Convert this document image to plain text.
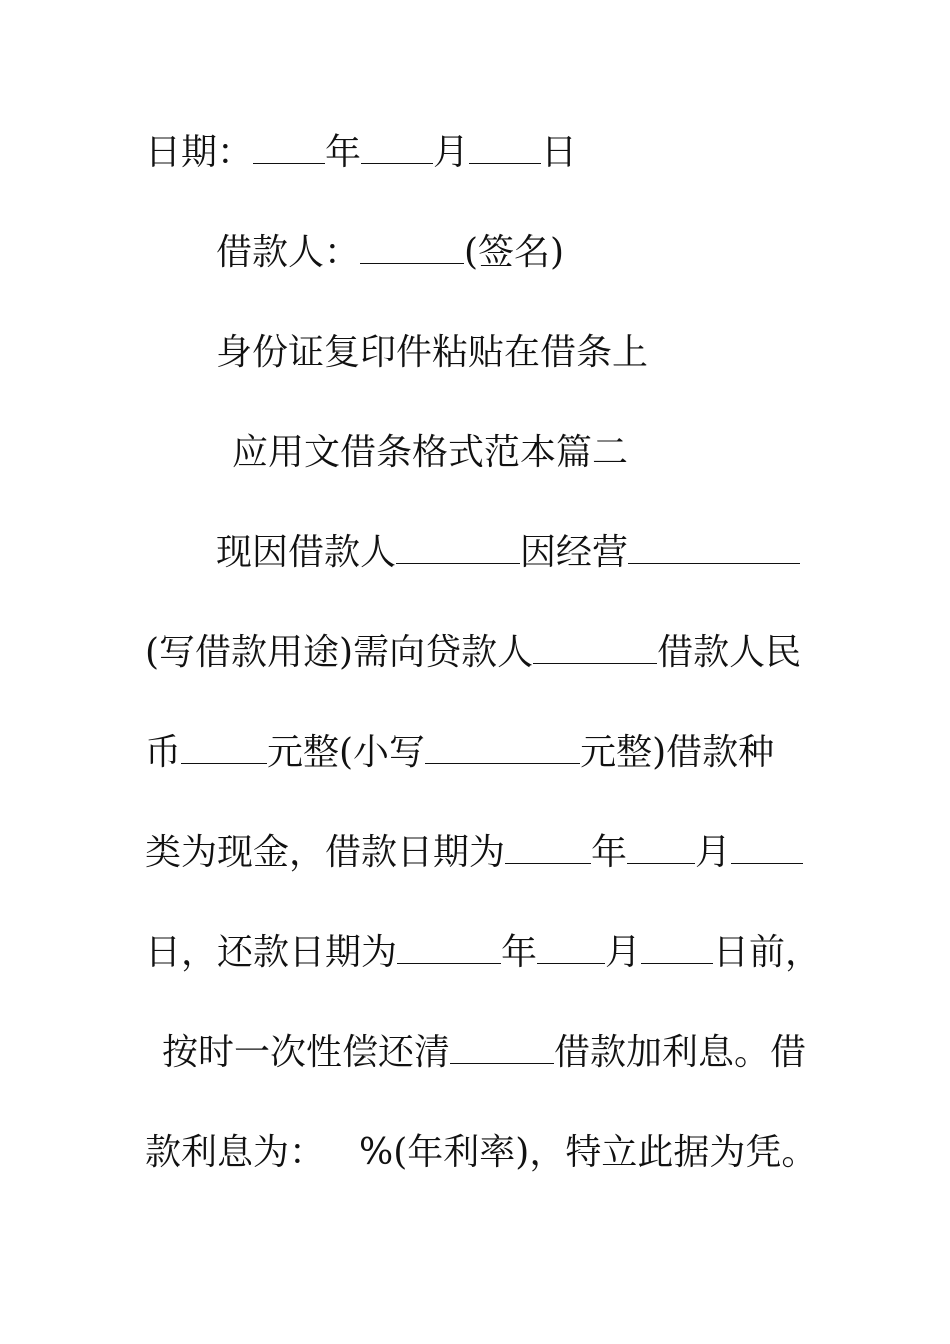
日期： 年 月 日
借款人：	(签名)
身份证复印件粘贴在借条上
应用文借条格式范本篇二
现因借款人	因经营
(写借款用途)需向贷款人	借款人民
币 元整(小写	元整)借款种
类为现金，借款日期为 年 月
日，还款日期为	年 月 日前，
按时一次性偿还清	借款加利息。借
款利息为： %(年利率)，特立此据为凭。
